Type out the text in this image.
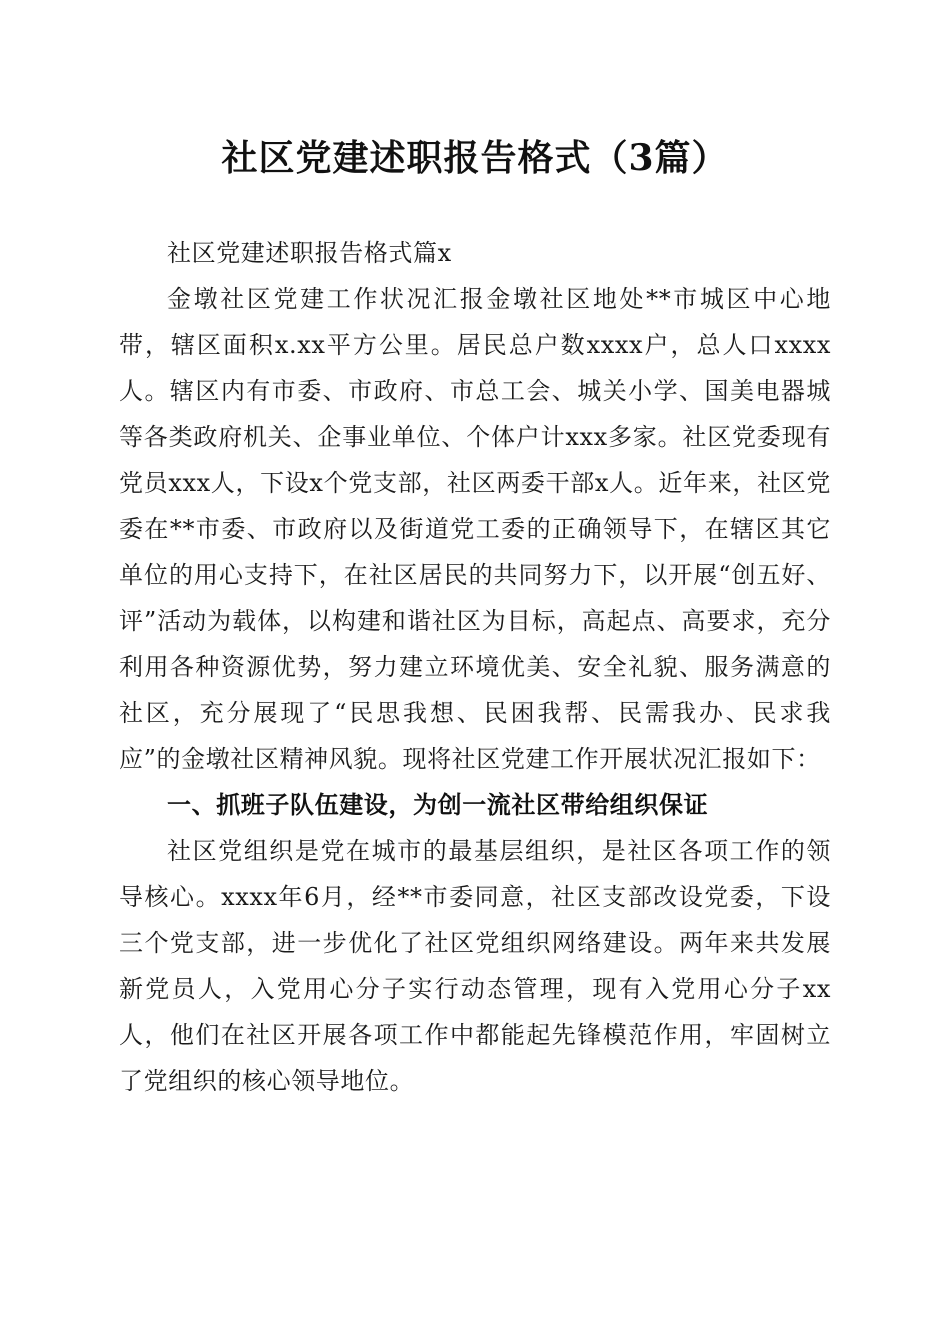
社区党建述职报告格式（3篇）

社区党建述职报告格式篇x

金墩社区党建工作状况汇报金墩社区地处**市城区中心地带，辖区面积x.xx平方公里。居民总户数xxxx户，总人口xxxx人。辖区内有市委、市政府、市总工会、城关小学、国美电器城等各类政府机关、企事业单位、个体户计xxx多家。社区党委现有党员xxx人，下设x个党支部，社区两委干部x人。近年来，社区党委在**市委、市政府以及街道党工委的正确领导下，在辖区其它单位的用心支持下，在社区居民的共同努力下，以开展“创五好、评”活动为载体，以构建和谐社区为目标，高起点、高要求，充分利用各种资源优势，努力建立环境优美、安全礼貌、服务满意的社区，充分展现了“民思我想、民困我帮、民需我办、民求我应”的金墩社区精神风貌。现将社区党建工作开展状况汇报如下：

一、抓班子队伍建设，为创一流社区带给组织保证

社区党组织是党在城市的最基层组织，是社区各项工作的领导核心。xxxx年6月，经**市委同意，社区支部改设党委，下设三个党支部，进一步优化了社区党组织网络建设。两年来共发展新党员人，入党用心分子实行动态管理，现有入党用心分子xx人，他们在社区开展各项工作中都能起先锋模范作用，牢固树立了党组织的核心领导地位。
